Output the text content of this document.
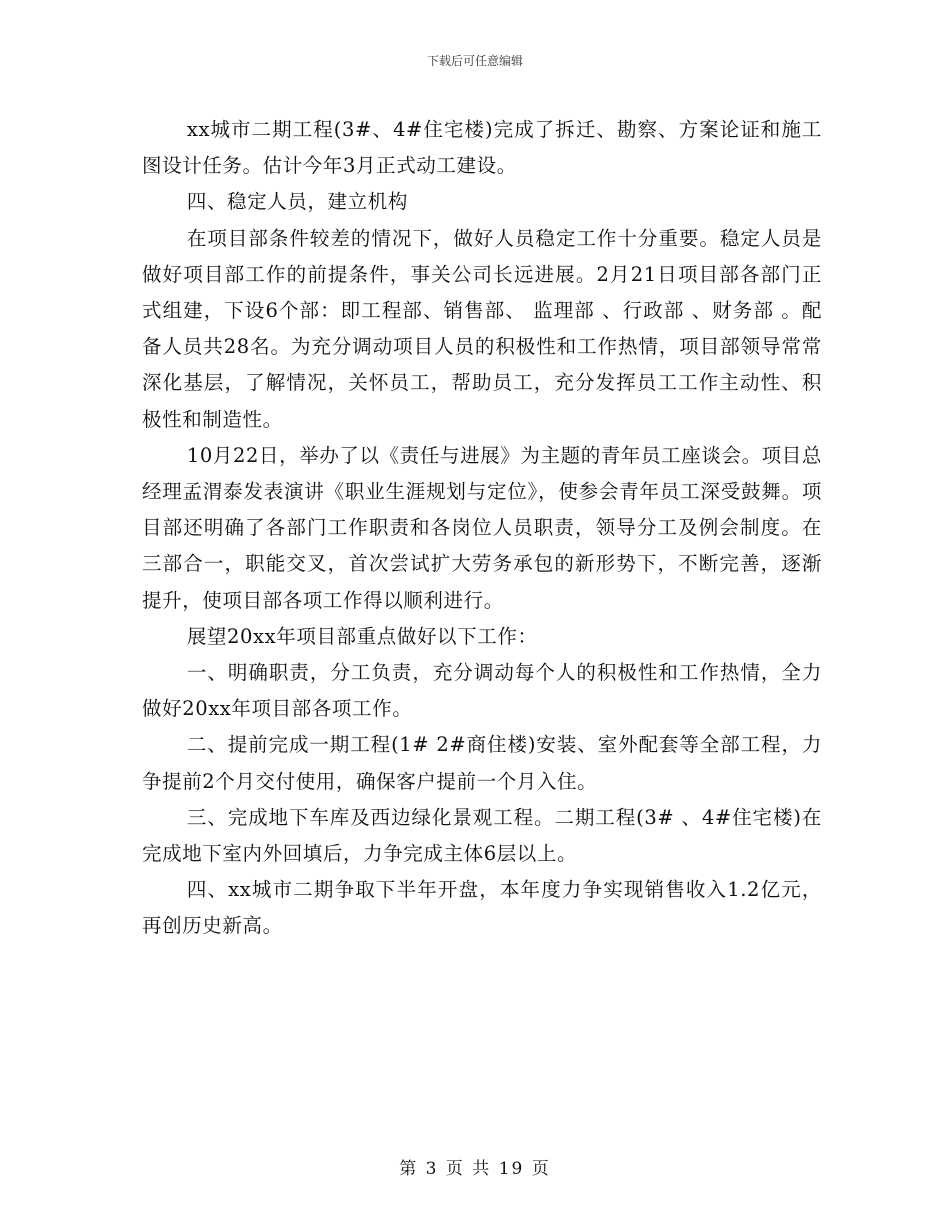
下载后可任意编辑

xx城市二期工程(3#、4#住宅楼)完成了拆迁、勘察、方案论证和施工图设计任务。估计今年3月正式动工建设。

四、稳定人员，建立机构

在项目部条件较差的情况下，做好人员稳定工作十分重要。稳定人员是做好项目部工作的前提条件，事关公司长远进展。2月21日项目部各部门正式组建，下设6个部：即工程部、销售部、 监理部 、行政部 、财务部 。配备人员共28名。为充分调动项目人员的积极性和工作热情，项目部领导常常深化基层，了解情况，关怀员工，帮助员工，充分发挥员工工作主动性、积极性和制造性。

10月22日，举办了以《责任与进展》为主题的青年员工座谈会。项目总经理孟渭泰发表演讲《职业生涯规划与定位》，使参会青年员工深受鼓舞。项目部还明确了各部门工作职责和各岗位人员职责，领导分工及例会制度。在三部合一，职能交叉，首次尝试扩大劳务承包的新形势下，不断完善，逐渐提升，使项目部各项工作得以顺利进行。

展望20xx年项目部重点做好以下工作：

一、明确职责，分工负责，充分调动每个人的积极性和工作热情，全力做好20xx年项目部各项工作。

二、提前完成一期工程(1# 2#商住楼)安装、室外配套等全部工程，力争提前2个月交付使用，确保客户提前一个月入住。

三、完成地下车库及西边绿化景观工程。二期工程(3# 、4#住宅楼)在完成地下室内外回填后，力争完成主体6层以上。

四、xx城市二期争取下半年开盘，本年度力争实现销售收入1.2亿元，再创历史新高。

第 3 页 共 19 页
